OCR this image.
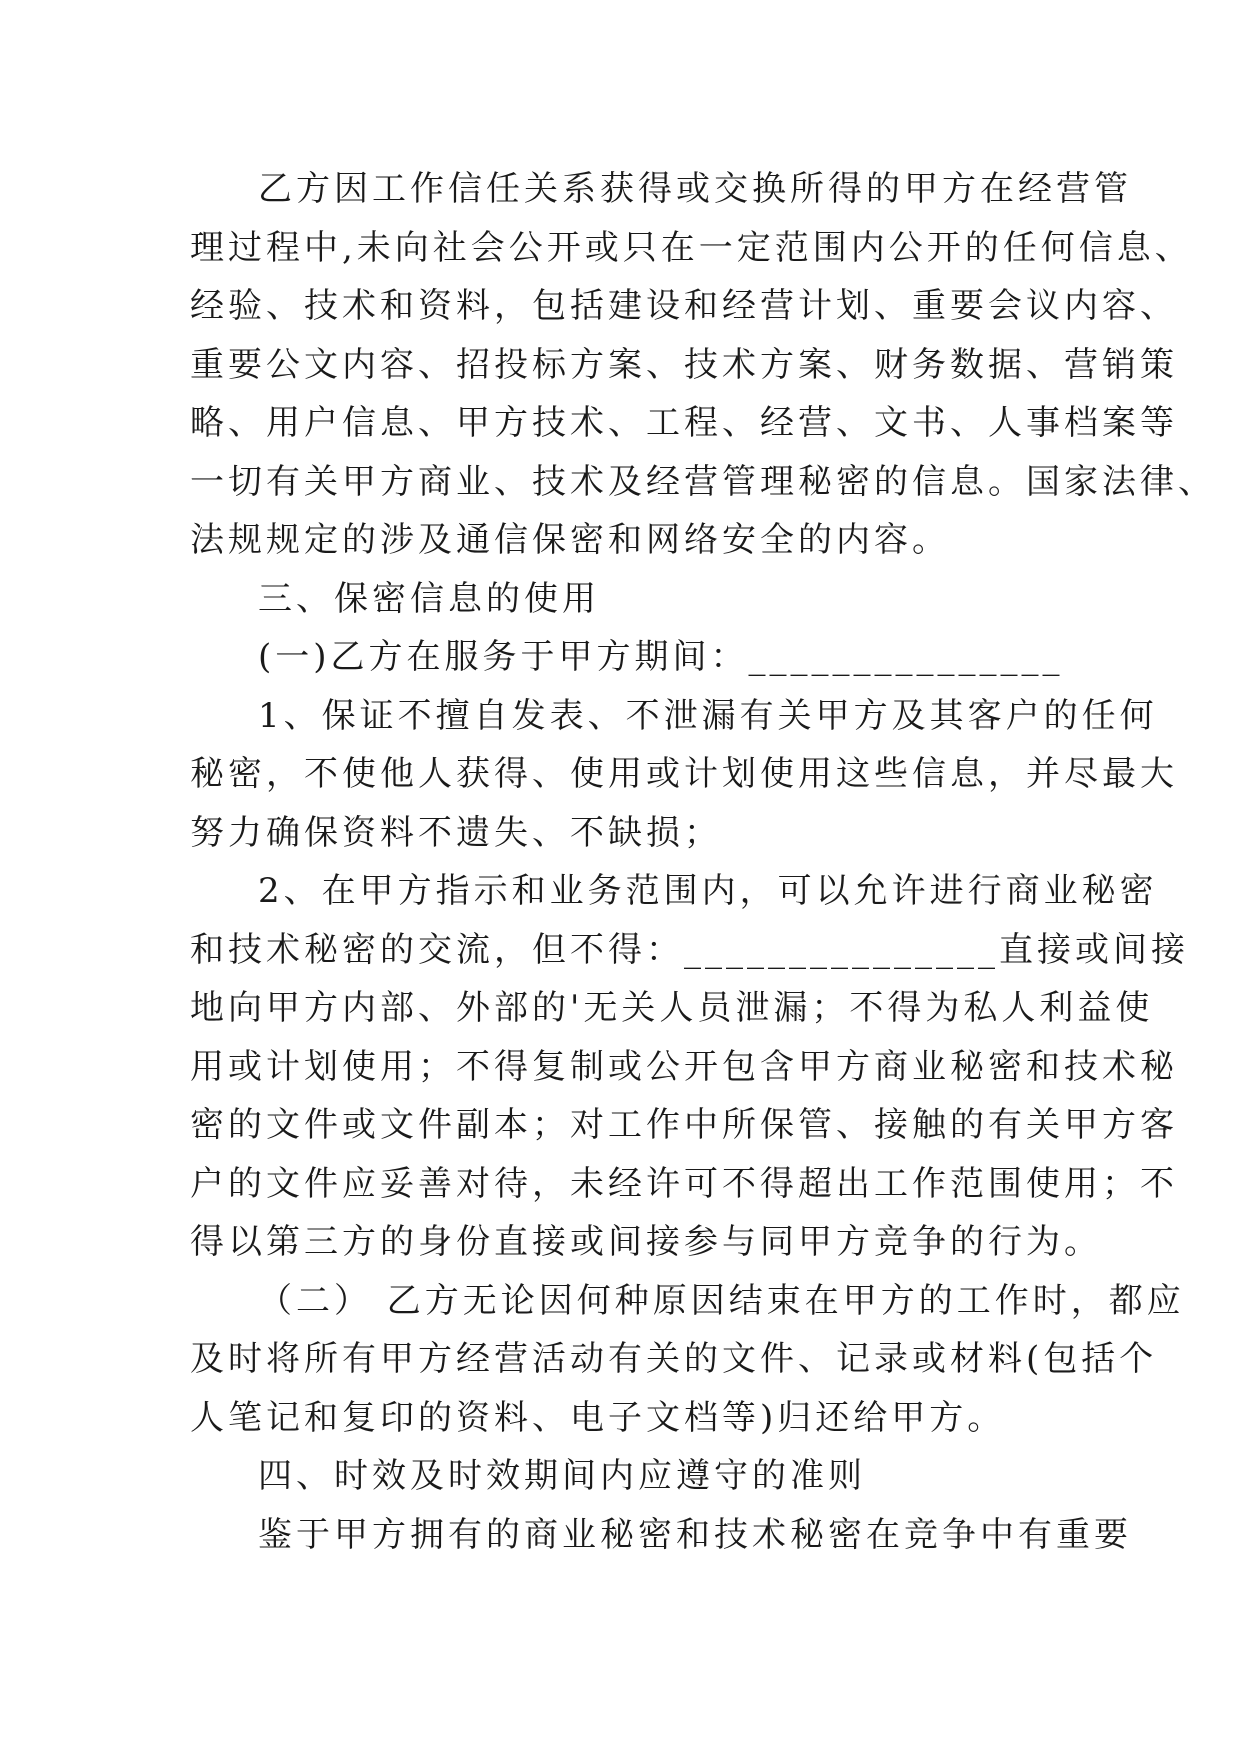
乙方因工作信任关系获得或交换所得的甲方在经营管
理过程中,未向社会公开或只在一定范围内公开的任何信息、
经验、技术和资料，包括建设和经营计划、重要会议内容、
重要公文内容、招投标方案、技术方案、财务数据、营销策
略、用户信息、甲方技术、工程、经营、文书、人事档案等
一切有关甲方商业、技术及经营管理秘密的信息。国家法律、
法规规定的涉及通信保密和网络安全的内容。
三、保密信息的使用
(一)乙方在服务于甲方期间：_______________
1、保证不擅自发表、不泄漏有关甲方及其客户的任何
秘密，不使他人获得、使用或计划使用这些信息，并尽最大
努力确保资料不遗失、不缺损；
2、在甲方指示和业务范围内，可以允许进行商业秘密
和技术秘密的交流，但不得：_______________直接或间接
地向甲方内部、外部的'无关人员泄漏；不得为私人利益使
用或计划使用；不得复制或公开包含甲方商业秘密和技术秘
密的文件或文件副本；对工作中所保管、接触的有关甲方客
户的文件应妥善对待，未经许可不得超出工作范围使用；不
得以第三方的身份直接或间接参与同甲方竞争的行为。
（二） 乙方无论因何种原因结束在甲方的工作时，都应
及时将所有甲方经营活动有关的文件、记录或材料(包括个
人笔记和复印的资料、电子文档等)归还给甲方。
四、时效及时效期间内应遵守的准则
鉴于甲方拥有的商业秘密和技术秘密在竞争中有重要
